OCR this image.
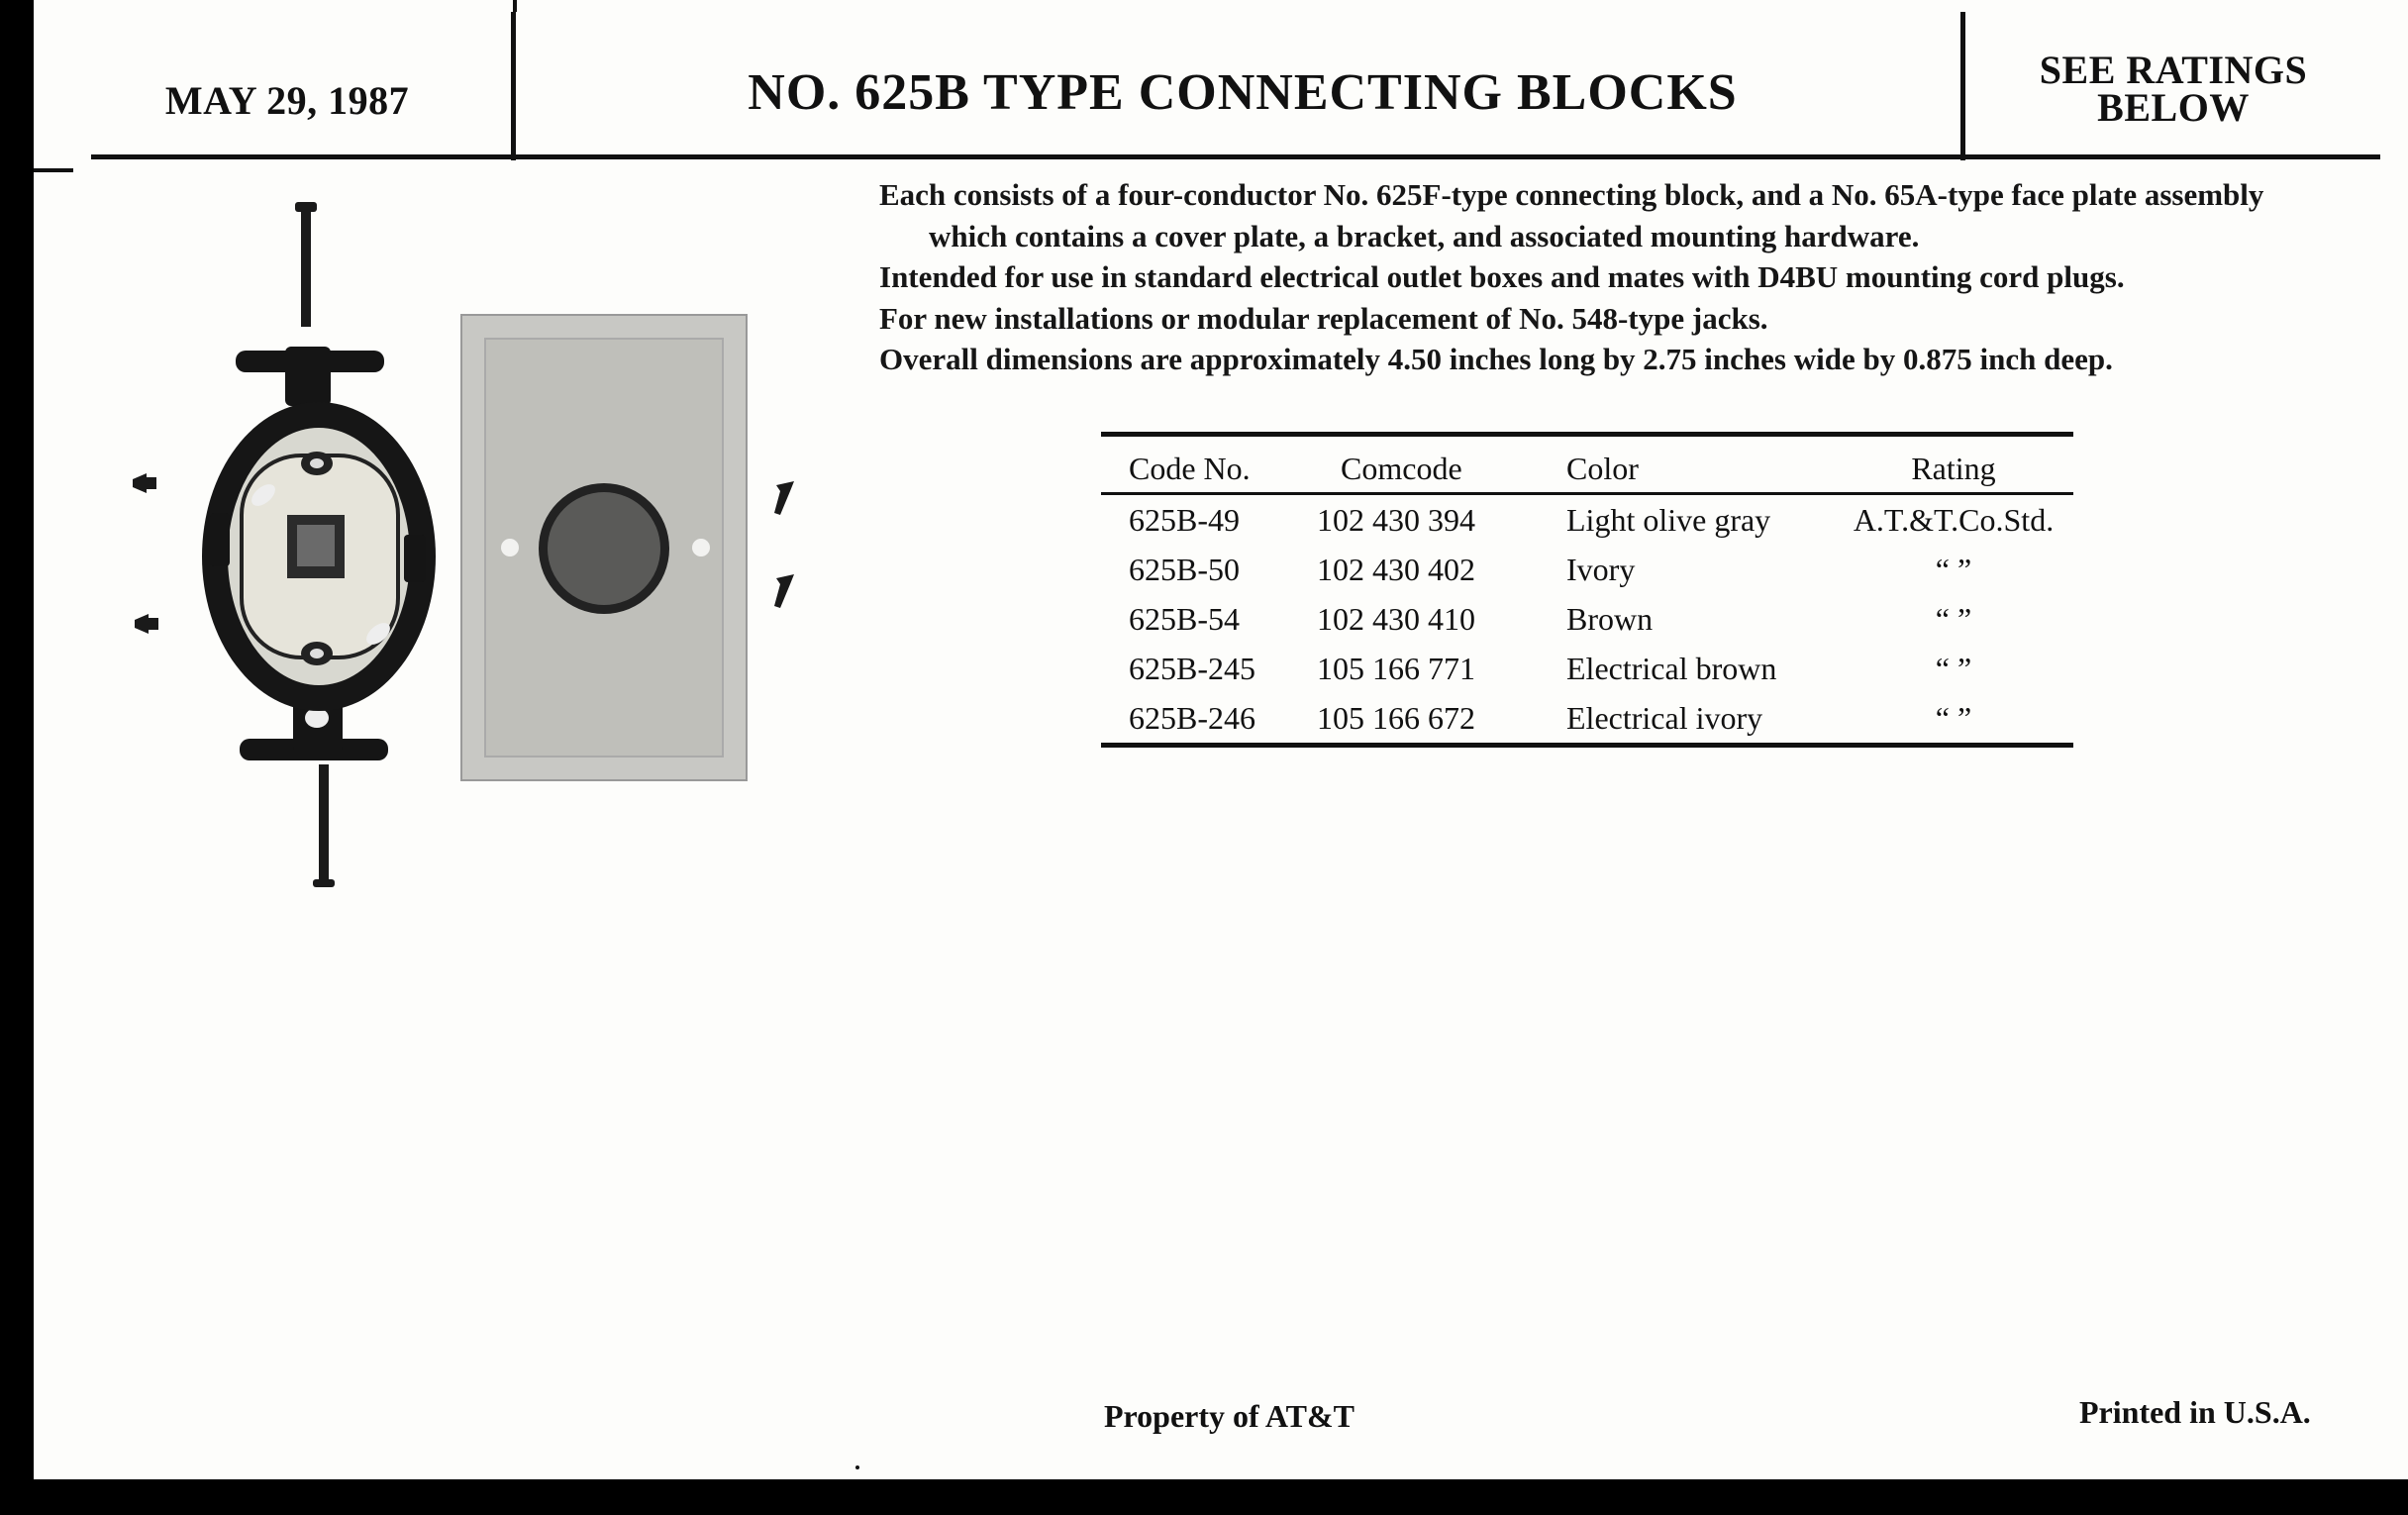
MAY 29, 1987	NO. 625B TYPE CONNECTING BLOCKS	SEE RATINGS
BELOW

Each consists of a four-conductor No. 625F-type connecting block, and a No. 65A-type face plate assembly

which contains a cover plate, a bracket, and associated mounting hardware.

Intended for use in standard electrical outlet boxes and mates with D4BU mounting cord plugs.

For new installations or modular replacement of No. 548-type jacks.

Overall dimensions are approximately 4.50 inches long by 2.75 inches wide by 0.875 inch deep.

Code No.	Comcode	Color	Rating
625B-49	102 430 394	Light olive gray	A.T.&T.Co.Std.
625B-50	102 430 402	Ivory	“ ”
625B-54	102 430 410	Brown	“ ”
625B-245	105 166 771	Electrical brown	“ ”
625B-246	105 166 672	Electrical ivory	“ ”
Property of AT&T	Printed in U.S.A.
